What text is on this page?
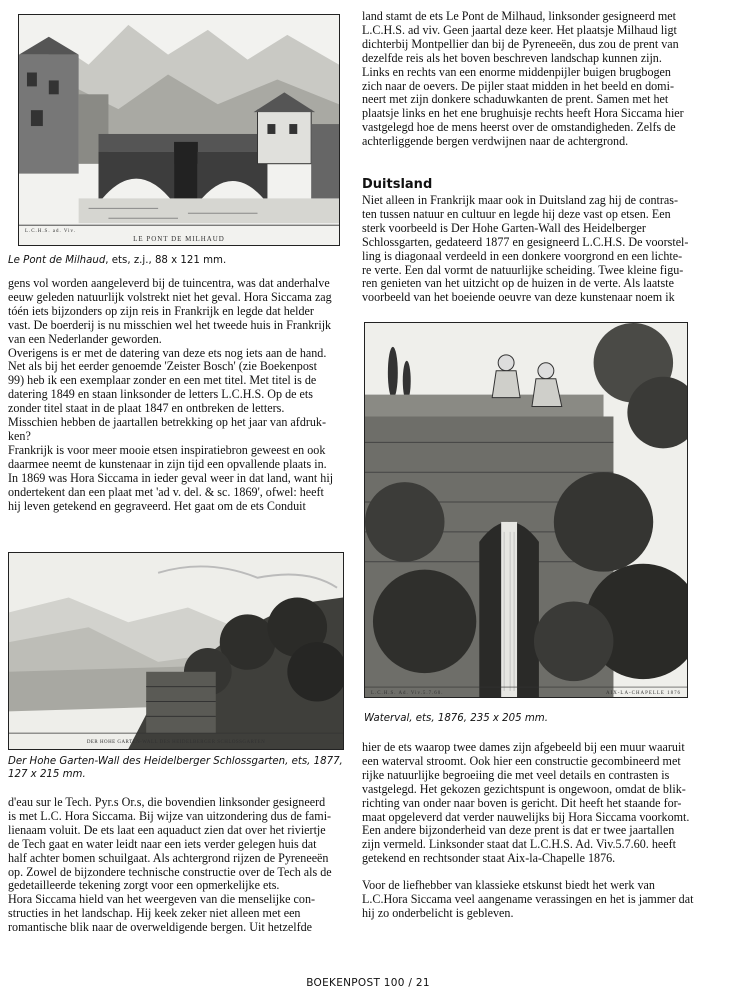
L.C.H.S. ad. Viv.
LE PONT DE MILHAUD
Le Pont de Milhaud, ets, z.j., 88 x 121 mm.

gens vol worden aangeleverd bij de tuincentra, was dat anderhalve

eeuw geleden natuurlijk volstrekt niet het geval. Hora Siccama zag

tóén iets bijzonders op zijn reis in Frankrijk en legde dat helder

vast. De boerderij is nu misschien wel het tweede huis in Frankrijk

van een Nederlander geworden.

Overigens is er met de datering van deze ets nog iets aan de hand.

Net als bij het eerder genoemde 'Zeister Bosch' (zie Boekenpost

99) heb ik een exemplaar zonder en een met titel. Met titel is de

datering 1849 en staan linksonder de letters L.C.H.S. Op de ets

zonder titel staat in de plaat 1847 en ontbreken de letters.

Misschien hebben de jaartallen betrekking op het jaar van afdruk-

ken?

Frankrijk is voor meer mooie etsen inspiratiebron geweest en ook

daarmee neemt de kunstenaar in zijn tijd een opvallende plaats in.

In 1869 was Hora Siccama in ieder geval weer in dat land, want hij

ondertekent dan een plaat met 'ad v. del. & sc. 1869', ofwel: heeft

hij leven getekend en gegraveerd. Het gaat om de ets Conduit

DER HOHE GARTEN-WALL DES HEIDELBERGER SCHLOSSGARTEN
Der Hohe Garten-Wall des Heidelberger Schlossgarten, ets, 1877, 127 x 215 mm.

d'eau sur le Tech. Pyr.s Or.s, die bovendien linksonder gesigneerd

is met L.C. Hora Siccama. Bij wijze van uitzondering dus de fami-

lienaam voluit. De ets laat een aquaduct zien dat over het riviertje

de Tech gaat en water leidt naar een iets verder gelegen huis dat

half achter bomen schuilgaat. Als achtergrond rijzen de Pyreneeën

op. Zowel de bijzondere technische constructie over de Tech als de

gedetailleerde tekening zorgt voor een opmerkelijke ets.

Hora Siccama hield van het weergeven van die menselijke con-

structies in het landschap. Hij keek zeker niet alleen met een

romantische blik naar de overweldigende bergen. Uit hetzelfde

land stamt de ets Le Pont de Milhaud, linksonder gesigneerd met

L.C.H.S. ad viv. Geen jaartal deze keer. Het plaatsje Milhaud ligt

dichterbij Montpellier dan bij de Pyreneeën, dus zou de prent van

dezelfde reis als het boven beschreven landschap kunnen zijn.

Links en rechts van een enorme middenpijler buigen brugbogen

zich naar de oevers. De pijler staat midden in het beeld en domi-

neert met zijn donkere schaduwkanten de prent. Samen met het

plaatsje links en het ene brughuisje rechts heeft Hora Siccama hier

vastgelegd hoe de mens heerst over de omstandigheden. Zelfs de

achterliggende bergen verdwijnen naar de achtergrond.

Duitsland

Niet alleen in Frankrijk maar ook in Duitsland zag hij de contras-

ten tussen natuur en cultuur en legde hij deze vast op etsen. Een

sterk voorbeeld is Der Hohe Garten-Wall des Heidelberger

Schlossgarten, gedateerd 1877 en gesigneerd L.C.H.S. De voorstel-

ling is diagonaal verdeeld in een donkere voorgrond en een lichte-

re verte. Een dal vormt de natuurlijke scheiding. Twee kleine figu-

ren genieten van het uitzicht op de huizen in de verte. Als laatste

voorbeeld van het boeiende oeuvre van deze kunstenaar noem ik

L.C.H.S. Ad. Viv.5.7.60.	AIX-LA-CHAPELLE 1876
Waterval, ets, 1876, 235 x 205 mm.

hier de ets waarop twee dames zijn afgebeeld bij een muur waaruit

een waterval stroomt. Ook hier een constructie gecombineerd met

rijke natuurlijke begroeiing die met veel details en contrasten is

vastgelegd. Het gekozen gezichtspunt is ongewoon, omdat de blik-

richting van onder naar boven is gericht. Dit heeft het staande for-

maat opgeleverd dat verder nauwelijks bij Hora Siccama voorkomt.

Een andere bijzonderheid van deze prent is dat er twee jaartallen

zijn vermeld. Linksonder staat dat L.C.H.S. Ad. Viv.5.7.60. heeft

getekend en rechtsonder staat Aix-la-Chapelle 1876.

Voor de liefhebber van klassieke etskunst biedt het werk van

L.C.Hora Siccama veel aangename verassingen en het is jammer dat

hij zo onderbelicht is gebleven.

BOEKENPOST 100 / 21
